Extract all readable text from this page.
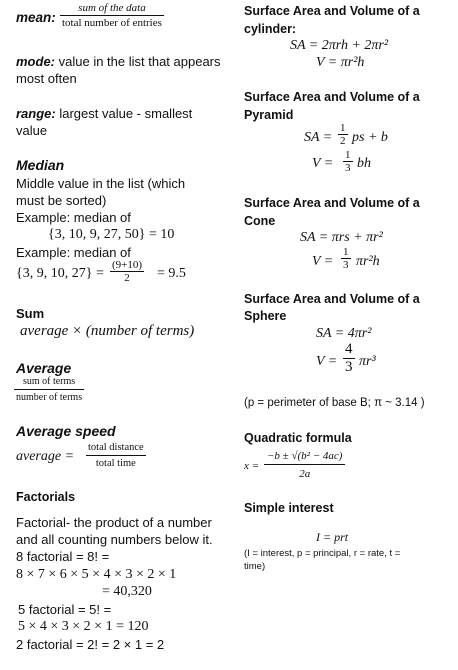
mean:
sum of the data
total number of entries
mode: value in the list that appears
most often
range: largest value - smallest
value
Median
Middle value in the list (which
must be sorted)
Example: median of
{3, 10, 9, 27, 50} = 10
Example: median of
{3, 9, 10, $27\} = \frac{(9+10)}{2} = 9.5$
Sum
average × (number of terms)
Average
sum of terms
number of terms
Average speed
average =
total distance
total time
Factorials
Factorial- the product of a number
and all counting numbers below it.
8 factorial = 8! =
8 × 7 × 6 × 5 × 4 × 3 × 2 × 1
= 40,320
5 factorial = 5! =
5 × 4 × 3 × 2 × 1 = 120
2 factorial = 2! = 2 × 1 = 2
Surface Area and Volume of a
cylinder:
SA = 2πrh + 2πr²
V = πr²h
Surface Area and Volume of a
Pyramid
SA = $\frac{1}{2}$ ps + b
$V = \frac{1}{3}$ bh
Surface Area and Volume of a
Cone
SA = πrs + πr²
$V = \frac{1}{3} \pi r^2h$
Surface Area and Volume of a
Sphere
SA = 4πr²
$V = \frac{4}{3} \pi r^3$
(p = perimeter of base B; π ~ 3.14 )
Quadratic formula
$x = \frac{\text{−b ± √(b² − 4ac)}}{2a}$
Simple interest
I = prt
(I = interest, p = principal, r = rate, t =
time)
